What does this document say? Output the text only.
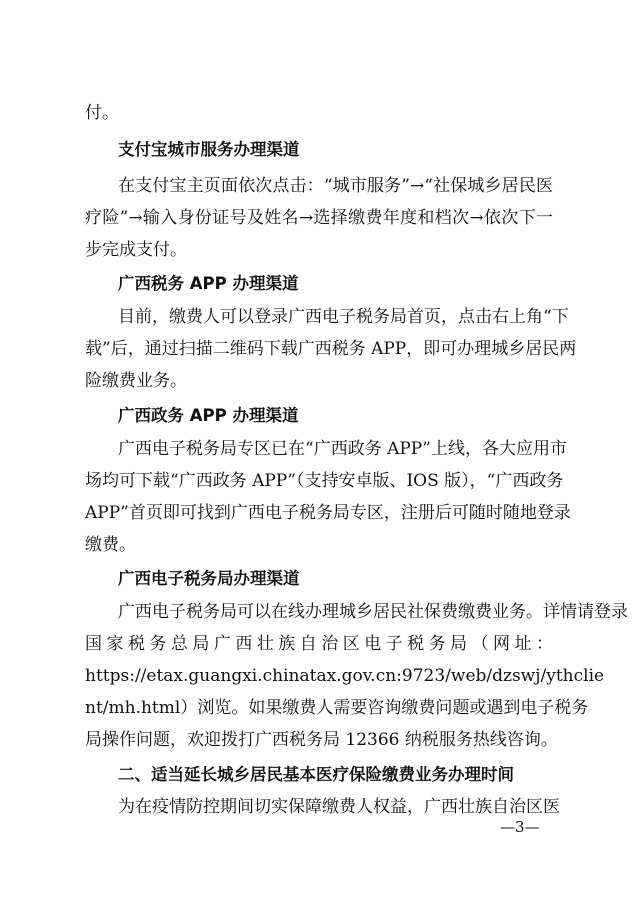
付。
支付宝城市服务办理渠道
在支付宝主页面依次点击：“城市服务”→“社保城乡居民医
疗险”→输入身份证号及姓名→选择缴费年度和档次→依次下一
步完成支付。
广西税务 APP 办理渠道
目前，缴费人可以登录广西电子税务局首页，点击右上角“下
载”后，通过扫描二维码下载广西税务 APP，即可办理城乡居民两
险缴费业务。
广西政务 APP 办理渠道
广西电子税务局专区已在“广西政务 APP”上线，各大应用市
场均可下载“广西政务 APP”（支持安卓版、IOS 版），“广西政务
APP”首页即可找到广西电子税务局专区，注册后可随时随地登录
缴费。
广西电子税务局办理渠道
广西电子税务局可以在线办理城乡居民社保费缴费业务。详情请登录
国家税务总局广西壮族自治区电子税务局（网址：
https://etax.guangxi.chinatax.gov.cn:9723/web/dzswj/ythclie
nt/mh.html）浏览。如果缴费人需要咨询缴费问题或遇到电子税务
局操作问题，欢迎拨打广西税务局 12366 纳税服务热线咨询。
二、适当延长城乡居民基本医疗保险缴费业务办理时间
为在疫情防控期间切实保障缴费人权益，广西壮族自治区医
—3—
